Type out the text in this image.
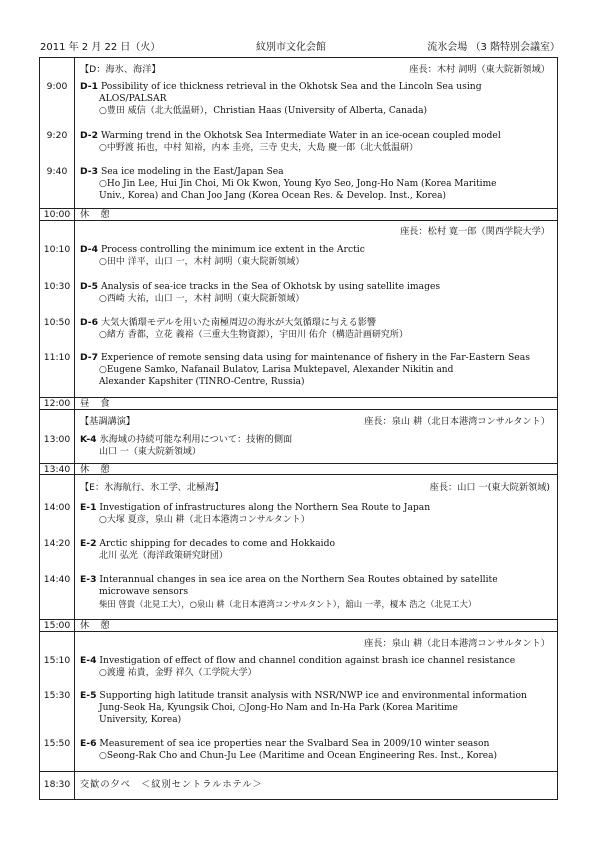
2011 年 2 月 22 日（火）	紋別市文化会館	流氷会場 （3 階特別会議室）
【D：海氷、海洋】	座長：木村 詞明（東大院新領域）
9:00	D-1 Possibility of ice thickness retrieval in the Okhotsk Sea and the Lincoln Sea using
ALOS/PALSAR
○豊田 威信（北大低温研），Christian Haas (University of Alberta, Canada)
9:20	D-2 Warming trend in the Okhotsk Sea Intermediate Water in an ice-ocean coupled model
○中野渡 拓也，中村 知裕，内本 圭亮，三寺 史夫，大島 慶一郎（北大低温研）
9:40	D-3 Sea ice modeling in the East/Japan Sea
○Ho Jin Lee, Hui Jin Choi, Mi Ok Kwon, Young Kyo Seo, Jong-Ho Nam (Korea Maritime
Univ., Korea) and Chan Joo Jang (Korea Ocean Res. & Develop. Inst., Korea)
10:00	休　憩
座長：松村 寛一郎（関西学院大学）
10:10	D-4 Process controlling the minimum ice extent in the Arctic
○田中 洋平，山口 一，木村 詞明（東大院新領域）
10:30	D-5 Analysis of sea-ice tracks in the Sea of Okhotsk by using satellite images
○西崎 大祐，山口 一，木村 詞明（東大院新領域）
10:50	D-6 大気大循環モデルを用いた南極周辺の海氷が大気循環に与える影響
○緒方 香都，立花 義裕（三重大生物資源），宇田川 佑介（構造計画研究所）
11:10	D-7 Experience of remote sensing data using for maintenance of fishery in the Far-Eastern Seas
○Eugene Samko, Nafanail Bulatov, Larisa Muktepavel, Alexander Nikitin and
Alexander Kapshiter (TINRO-Centre, Russia)
12:00	昼　食
【基調講演】	座長：泉山 耕（北日本港湾コンサルタント）
13:00	K-4 氷海域の持続可能な利用について：技術的側面
山口 一（東大院新領域）
13:40	休　憩
【E：氷海航行、氷工学、北極海】	座長：山口 一(東大院新領域)
14:00	E-1 Investigation of infrastructures along the Northern Sea Route to Japan
○大塚 夏彦，泉山 耕（北日本港湾コンサルタント）
14:20	E-2 Arctic shipping for decades to come and Hokkaido
北川 弘光（海洋政策研究財団）
14:40	E-3 Interannual changes in sea ice area on the Northern Sea Routes obtained by satellite
microwave sensors
柴田 啓貴（北見工大），○泉山 耕（北日本港湾コンサルタント），舘山 一孝，榎本 浩之（北見工大）
15:00	休　憩
座長：泉山 耕（北日本港湾コンサルタント）
15:10	E-4 Investigation of effect of flow and channel condition against brash ice channel resistance
○渡邊 祐貴，金野 祥久（工学院大学）
15:30	E-5 Supporting high latitude transit analysis with NSR/NWP ice and environmental information
Jung-Seok Ha, Kyungsik Choi, ○Jong-Ho Nam and In-Ha Park (Korea Maritime
University, Korea)
15:50	E-6 Measurement of sea ice properties near the Svalbard Sea in 2009/10 winter season
○Seong-Rak Cho and Chun-Ju Lee (Maritime and Ocean Engineering Res. Inst., Korea)
18:30	交歓の夕べ　＜紋別セントラルホテル＞
